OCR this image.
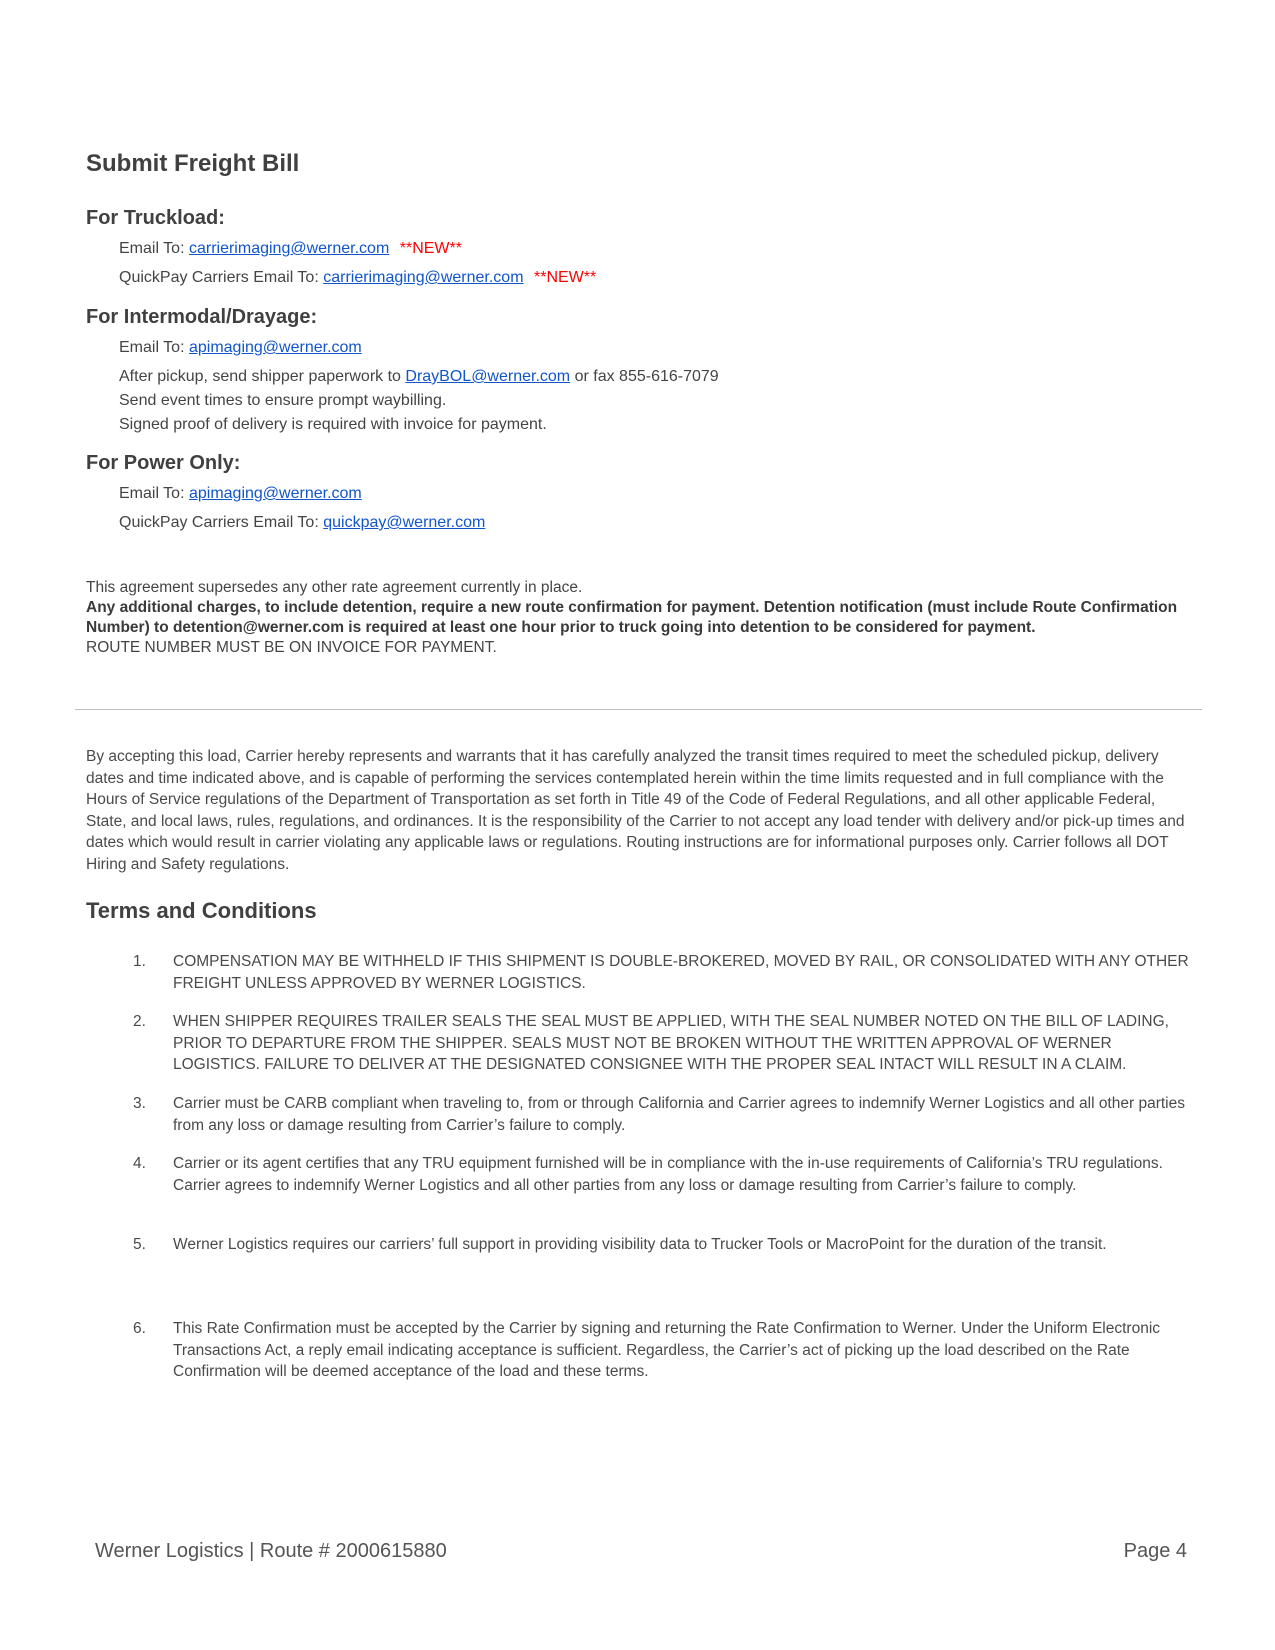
Submit Freight Bill
For Truckload:
Email To: carrierimaging@werner.com **NEW**
QuickPay Carriers Email To: carrierimaging@werner.com **NEW**
For Intermodal/Drayage:
Email To: apimaging@werner.com
After pickup, send shipper paperwork to DrayBOL@werner.com or fax 855-616-7079
Send event times to ensure prompt waybilling.
Signed proof of delivery is required with invoice for payment.
For Power Only:
Email To: apimaging@werner.com
QuickPay Carriers Email To: quickpay@werner.com
This agreement supersedes any other rate agreement currently in place.
Any additional charges, to include detention, require a new route confirmation for payment. Detention notification (must include Route Confirmation Number) to detention@werner.com is required at least one hour prior to truck going into detention to be considered for payment.
ROUTE NUMBER MUST BE ON INVOICE FOR PAYMENT.
By accepting this load, Carrier hereby represents and warrants that it has carefully analyzed the transit times required to meet the scheduled pickup, delivery dates and time indicated above, and is capable of performing the services contemplated herein within the time limits requested and in full compliance with the Hours of Service regulations of the Department of Transportation as set forth in Title 49 of the Code of Federal Regulations, and all other applicable Federal, State, and local laws, rules, regulations, and ordinances. It is the responsibility of the Carrier to not accept any load tender with delivery and/or pick-up times and dates which would result in carrier violating any applicable laws or regulations. Routing instructions are for informational purposes only. Carrier follows all DOT Hiring and Safety regulations.
Terms and Conditions
1.	COMPENSATION MAY BE WITHHELD IF THIS SHIPMENT IS DOUBLE-BROKERED, MOVED BY RAIL, OR CONSOLIDATED WITH ANY OTHER FREIGHT UNLESS APPROVED BY WERNER LOGISTICS.
2.	WHEN SHIPPER REQUIRES TRAILER SEALS THE SEAL MUST BE APPLIED, WITH THE SEAL NUMBER NOTED ON THE BILL OF LADING, PRIOR TO DEPARTURE FROM THE SHIPPER. SEALS MUST NOT BE BROKEN WITHOUT THE WRITTEN APPROVAL OF WERNER LOGISTICS. FAILURE TO DELIVER AT THE DESIGNATED CONSIGNEE WITH THE PROPER SEAL INTACT WILL RESULT IN A CLAIM.
3.	Carrier must be CARB compliant when traveling to, from or through California and Carrier agrees to indemnify Werner Logistics and all other parties from any loss or damage resulting from Carrier’s failure to comply.
4.	Carrier or its agent certifies that any TRU equipment furnished will be in compliance with the in-use requirements of California’s TRU regulations. Carrier agrees to indemnify Werner Logistics and all other parties from any loss or damage resulting from Carrier’s failure to comply.
5.	Werner Logistics requires our carriers’ full support in providing visibility data to Trucker Tools or MacroPoint for the duration of the transit.
6.	This Rate Confirmation must be accepted by the Carrier by signing and returning the Rate Confirmation to Werner. Under the Uniform Electronic Transactions Act, a reply email indicating acceptance is sufficient. Regardless, the Carrier’s act of picking up the load described on the Rate Confirmation will be deemed acceptance of the load and these terms.
Werner Logistics | Route # 2000615880	Page 4
